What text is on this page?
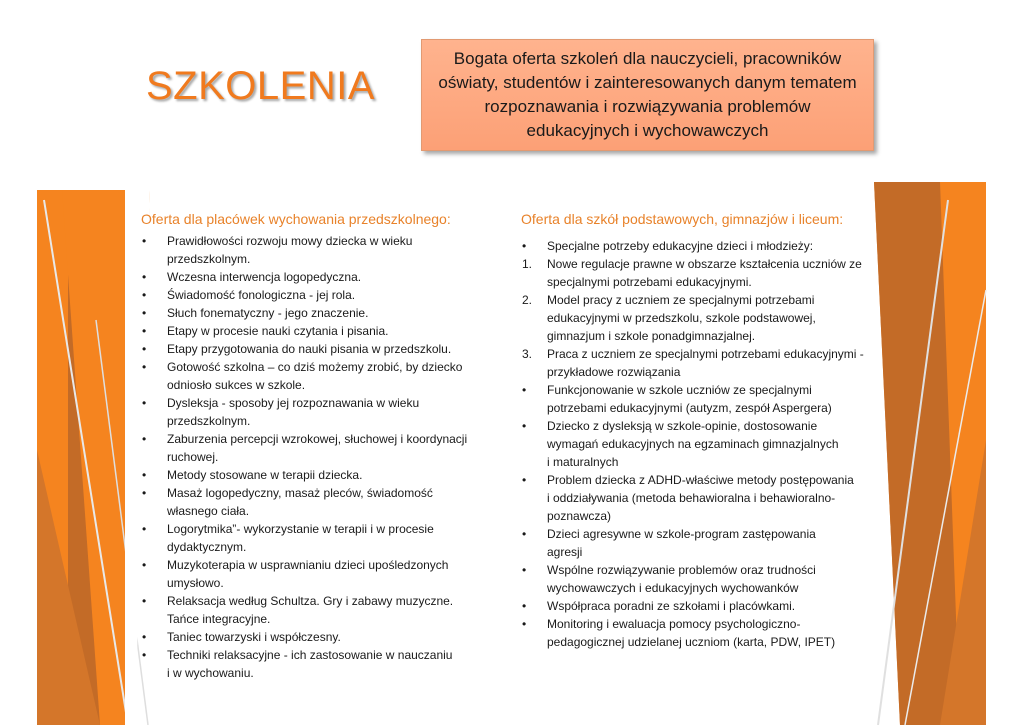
SZKOLENIA
Bogata oferta szkoleń dla nauczycieli, pracowników oświaty, studentów i zainteresowanych danym tematem rozpoznawania i rozwiązywania problemów edukacyjnych i wychowawczych
Oferta dla placówek wychowania przedszkolnego:	Oferta dla szkół podstawowych, gimnazjów i liceum:
•	Prawidłowości rozwoju mowy dziecka w wieku
przedszkolnym.
•	Wczesna interwencja logopedyczna.
•	Świadomość fonologiczna - jej rola.
•	Słuch fonematyczny - jego znaczenie.
•	Etapy w procesie nauki czytania i pisania.
•	Etapy przygotowania do nauki pisania w przedszkolu.
•	Gotowość szkolna – co dziś możemy zrobić, by dziecko
odniosło sukces w szkole.
•	Dysleksja - sposoby jej rozpoznawania w wieku
przedszkolnym.
•	Zaburzenia percepcji wzrokowej, słuchowej i koordynacji
ruchowej.
•	Metody stosowane w terapii dziecka.
•	Masaż logopedyczny, masaż pleców, świadomość
własnego ciała.
•	Logorytmika”- wykorzystanie w terapii i w procesie
dydaktycznym.
•	Muzykoterapia w usprawnianiu dzieci upośledzonych
umysłowo.
•	Relaksacja według Schultza. Gry i zabawy muzyczne.
Tańce integracyjne.
•	Taniec towarzyski i współczesny.
•	Techniki relaksacyjne - ich zastosowanie w nauczaniu
i w wychowaniu.
•	Specjalne potrzeby edukacyjne dzieci i młodzieży:
1.	Nowe regulacje prawne w obszarze kształcenia uczniów ze
specjalnymi potrzebami edukacyjnymi.
2.	Model pracy z uczniem ze specjalnymi potrzebami
edukacyjnymi w przedszkolu, szkole podstawowej,
gimnazjum i szkole ponadgimnazjalnej.
3.	Praca z uczniem ze specjalnymi potrzebami edukacyjnymi -
przykładowe rozwiązania
•	Funkcjonowanie w szkole uczniów ze specjalnymi
potrzebami edukacyjnymi (autyzm, zespół Aspergera)
•	Dziecko z dysleksją w szkole-opinie, dostosowanie
wymagań edukacyjnych na egzaminach gimnazjalnych
i maturalnych
•	Problem dziecka z ADHD-właściwe metody postępowania
i oddziaływania (metoda behawioralna i behawioralno-
poznawcza)
•	Dzieci agresywne w szkole-program zastępowania
agresji
•	Wspólne rozwiązywanie problemów oraz trudności
wychowawczych i edukacyjnych wychowanków
•	Współpraca poradni ze szkołami i placówkami.
•	Monitoring i ewaluacja pomocy psychologiczno-
pedagogicznej udzielanej uczniom (karta, PDW, IPET)
